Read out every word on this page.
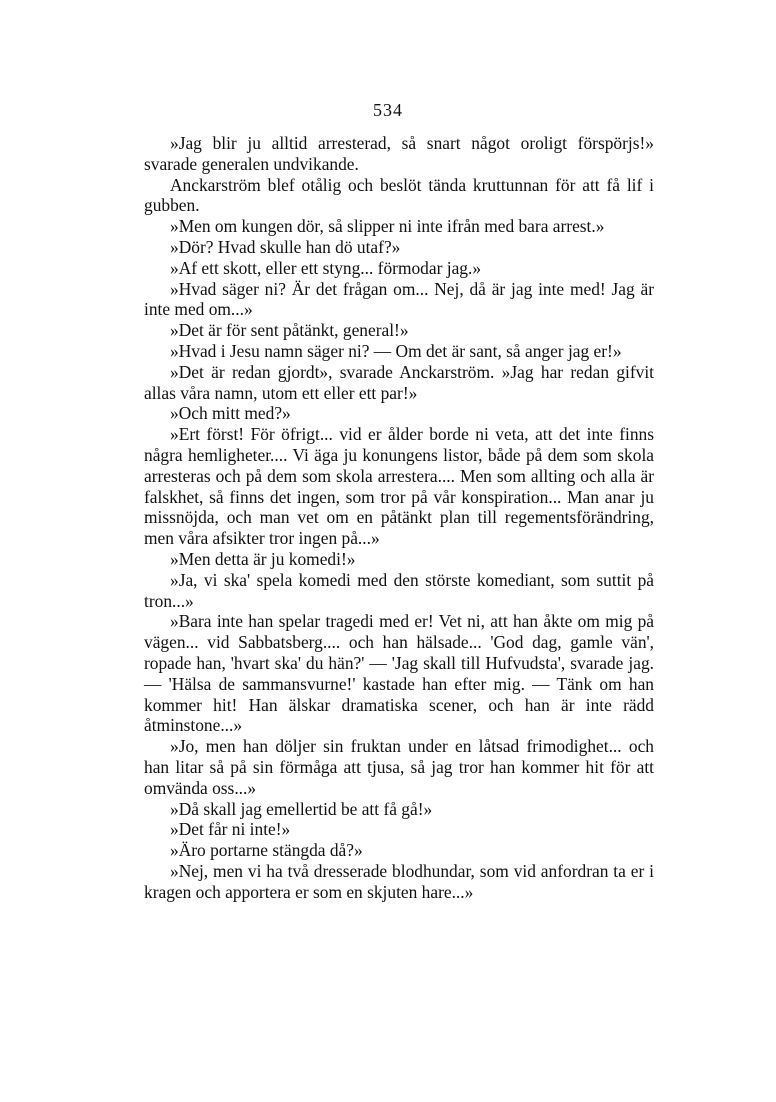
534

»Jag blir ju alltid arresterad, så snart något oroligt förspörjs!» svarade generalen undvikande.

Anckarström blef otålig och beslöt tända kruttunnan för att få lif i gubben.

»Men om kungen dör, så slipper ni inte ifrån med bara arrest.»

»Dör? Hvad skulle han dö utaf?»

»Af ett skott, eller ett styng... förmodar jag.»

»Hvad säger ni? Är det frågan om... Nej, då är jag inte med! Jag är inte med om...»

»Det är för sent påtänkt, general!»

»Hvad i Jesu namn säger ni? — Om det är sant, så anger jag er!»

»Det är redan gjordt», svarade Anckarström. »Jag har redan gifvit allas våra namn, utom ett eller ett par!»

»Och mitt med?»

»Ert först! För öfrigt... vid er ålder borde ni veta, att det inte finns några hemligheter.... Vi äga ju konungens listor, både på dem som skola arresteras och på dem som skola arrestera.... Men som allting och alla är falskhet, så finns det ingen, som tror på vår konspiration... Man anar ju missnöjda, och man vet om en påtänkt plan till regementsförändring, men våra afsikter tror ingen på...»

»Men detta är ju komedi!»

»Ja, vi ska' spela komedi med den störste komediant, som suttit på tron...»

»Bara inte han spelar tragedi med er! Vet ni, att han åkte om mig på vägen... vid Sabbatsberg.... och han hälsade... 'God dag, gamle vän', ropade han, 'hvart ska' du hän?' — 'Jag skall till Hufvudsta', svarade jag. — 'Hälsa de sammansvurne!' kastade han efter mig. — Tänk om han kommer hit! Han älskar dramatiska scener, och han är inte rädd åtminstone...»

»Jo, men han döljer sin fruktan under en låtsad frimodighet... och han litar så på sin förmåga att tjusa, så jag tror han kommer hit för att omvända oss...»

»Då skall jag emellertid be att få gå!»

»Det får ni inte!»

»Äro portarne stängda då?»

»Nej, men vi ha två dresserade blodhundar, som vid anfordran ta er i kragen och apportera er som en skjuten hare...»
